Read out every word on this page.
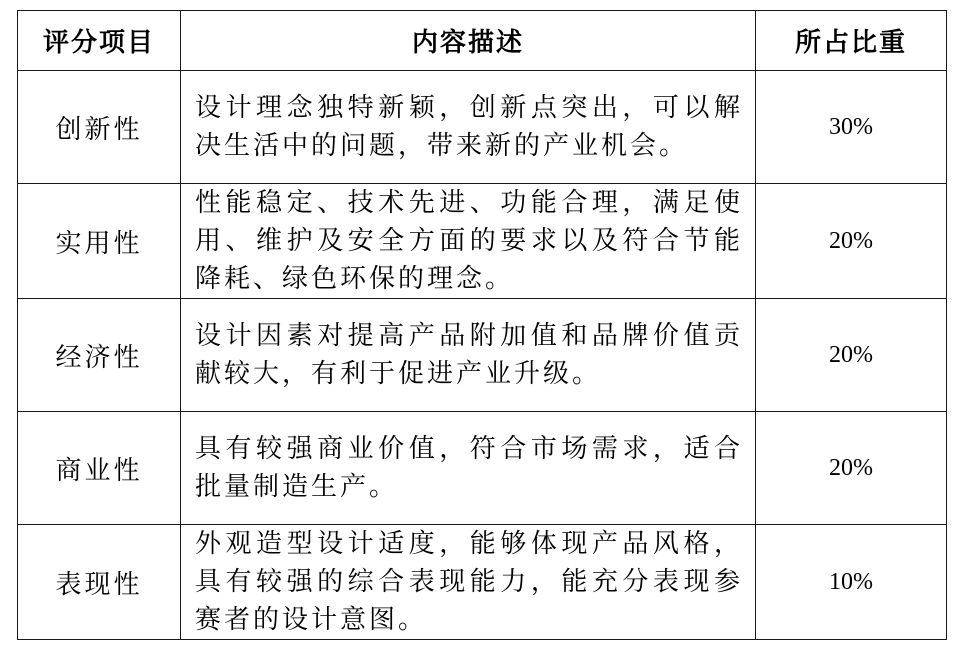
评分项目	内容描述	所占比重
创新性	设计理念独特新颖，创新点突出，可以解决生活中的问题，带来新的产业机会。	30%
实用性	性能稳定、技术先进、功能合理，满足使用、维护及安全方面的要求以及符合节能降耗、绿色环保的理念。	20%
经济性	设计因素对提高产品附加值和品牌价值贡献较大，有利于促进产业升级。	20%
商业性	具有较强商业价值，符合市场需求，适合批量制造生产。	20%
表现性	外观造型设计适度，能够体现产品风格，具有较强的综合表现能力，能充分表现参赛者的设计意图。	10%
